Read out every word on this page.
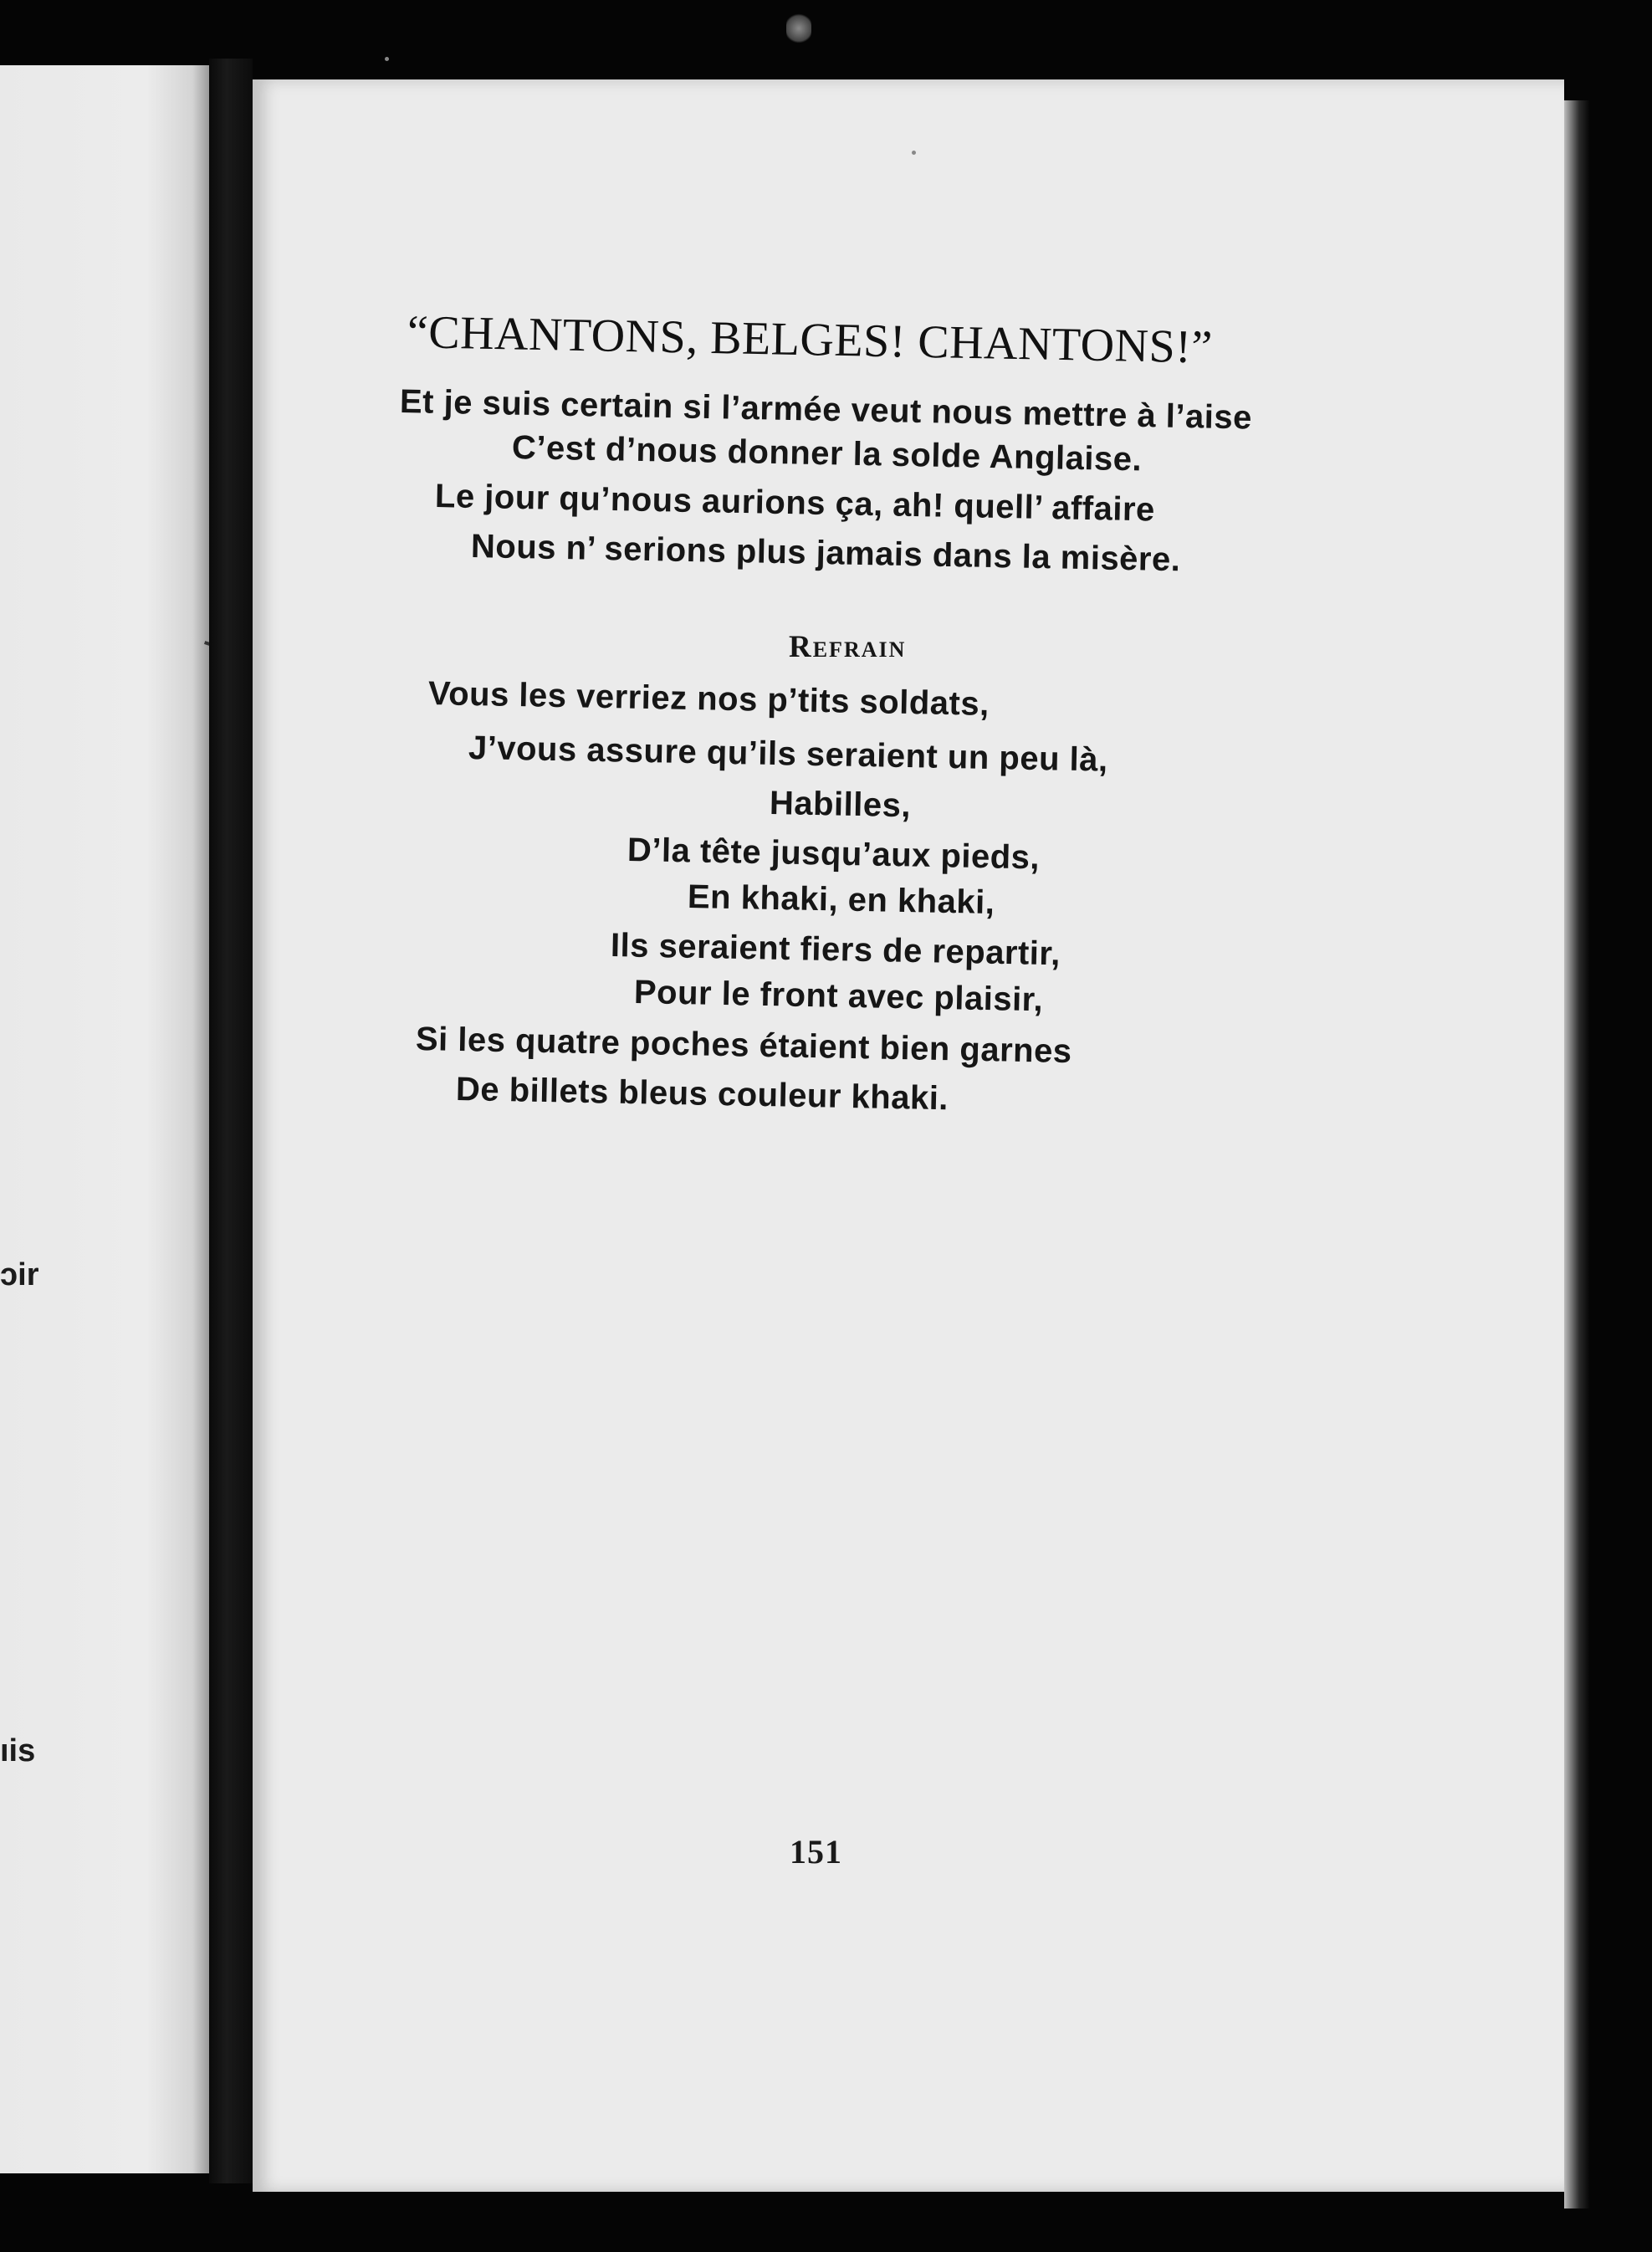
ɔir
ıis
“CHANTONS, BELGES! CHANTONS!”
Et je suis certain si l’armée veut nous mettre à l’aise
C’est d’nous donner la solde Anglaise.
Le jour qu’nous aurions ça, ah! quell’ affaire
Nous n’ serions plus jamais dans la misère.
Refrain
Vous les verriez nos p’tits soldats,
J’vous assure qu’ils seraient un peu là,
Habilles,
D’la tête jusqu’aux pieds,
En khaki, en khaki,
Ils seraient fiers de repartir,
Pour le front avec plaisir,
Si les quatre poches étaient bien garnes
De billets bleus couleur khaki.
151
